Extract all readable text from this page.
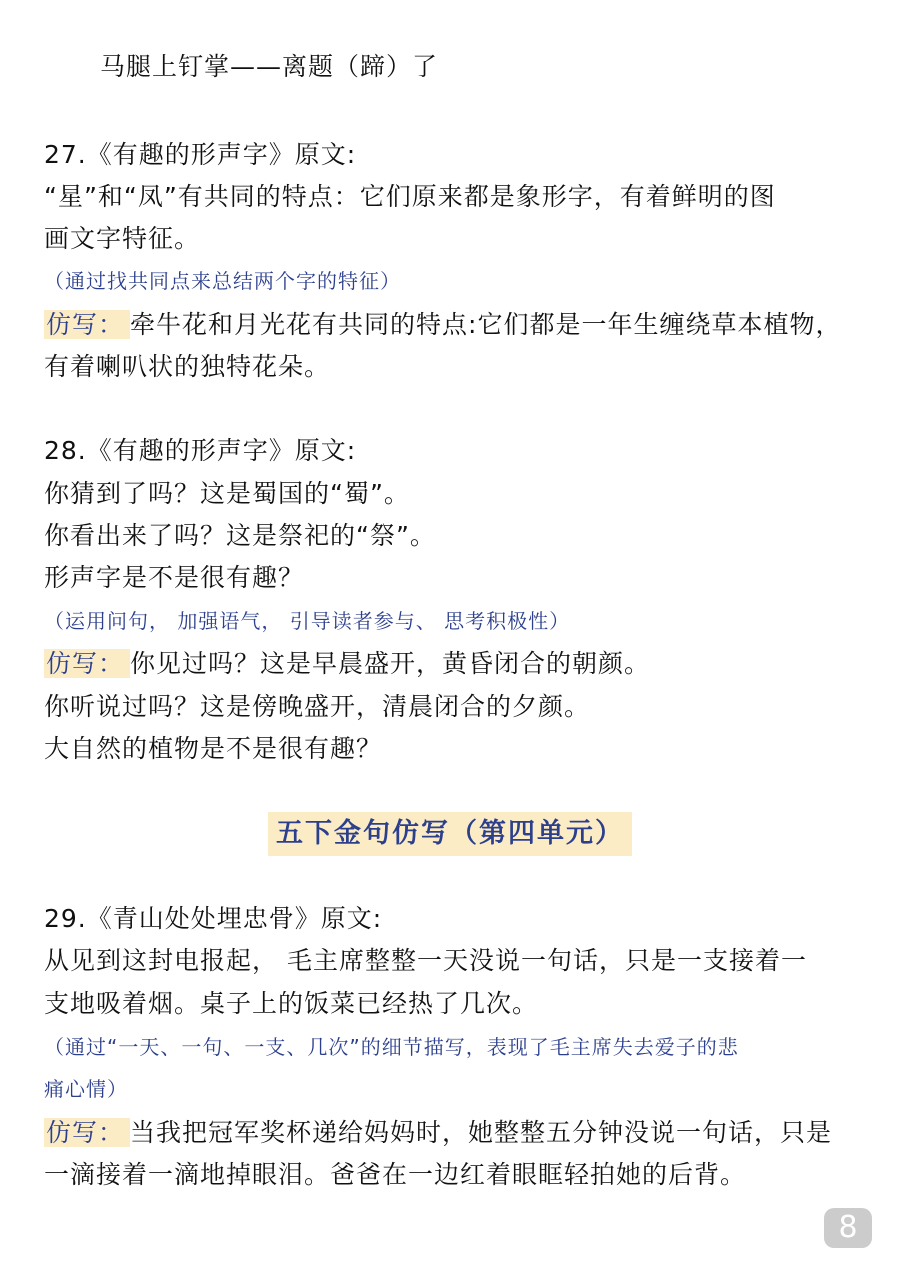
马腿上钉掌——离题（蹄）了
27.《有趣的形声字》原文:
“星”和“凤”有共同的特点：它们原来都是象形字，有着鲜明的图
画文字特征。
（通过找共同点来总结两个字的特征）
仿写： 牵牛花和月光花有共同的特点:它们都是一年生缠绕草本植物，
有着喇叭状的独特花朵。
28.《有趣的形声字》原文:
你猜到了吗？这是蜀国的“蜀”。
你看出来了吗？这是祭祀的“祭”。
形声字是不是很有趣？
（运用问句， 加强语气， 引导读者参与、 思考积极性）
仿写： 你见过吗？这是早晨盛开，黄昏闭合的朝颜。
你听说过吗？这是傍晚盛开，清晨闭合的夕颜。
大自然的植物是不是很有趣？
五下金句仿写（第四单元）
29.《青山处处埋忠骨》原文:
从见到这封电报起， 毛主席整整一天没说一句话，只是一支接着一
支地吸着烟。桌子上的饭菜已经热了几次。
（通过“一天、一句、一支、几次”的细节描写，表现了毛主席失去爱子的悲
痛心情）
仿写： 当我把冠军奖杯递给妈妈时，她整整五分钟没说一句话，只是
一滴接着一滴地掉眼泪。爸爸在一边红着眼眶轻拍她的后背。
8
